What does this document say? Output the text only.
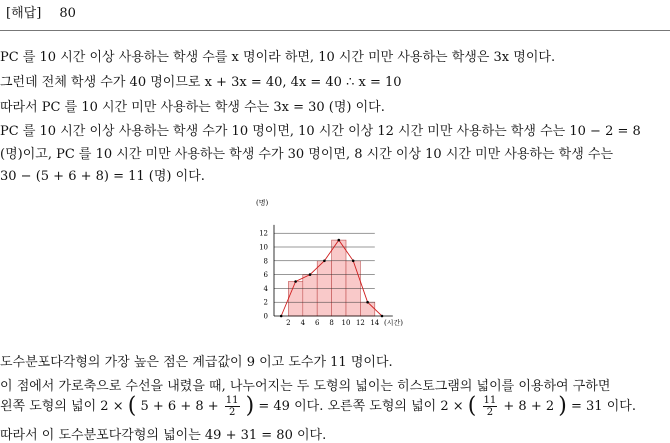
[해답] 80
PC 를 10 시간 이상 사용하는 학생 수를 x 명이라 하면, 10 시간 미만 사용하는 학생은 3x 명이다.
그런데 전체 학생 수가 40 명이므로 x + 3x = 40, 4x = 40 ∴ x = 10
따라서 PC 를 10 시간 미만 사용하는 학생 수는 3x = 30 (명) 이다.
PC 를 10 시간 이상 사용하는 학생 수가 10 명이면, 10 시간 이상 12 시간 미만 사용하는 학생 수는 10 − 2 = 8
(명)이고, PC 를 10 시간 미만 사용하는 학생 수가 30 명이면, 8 시간 이상 10 시간 미만 사용하는 학생 수는
30 − (5 + 6 + 8) = 11 (명) 이다.
2 4 6 8 10 12 14
2
4
6
8
10
12
0
(명)
(시간)
도수분포다각형의 가장 높은 점은 계급값이 9 이고 도수가 11 명이다.
이 점에서 가로축으로 수선을 내렸을 때, 나누어지는 두 도형의 넓이는 히스토그램의 넓이를 이용하여 구하면
왼쪽 도형의 넓이 2 × ( $5 + 6 + 8 + \frac{11}{2}$ ) = 49 이다. 오른쪽 도형의 넓이 2 × ( $\frac{11}{2} + 8 + 2$ ) = 31 이다.
따라서 이 도수분포다각형의 넓이는 49 + 31 = 80 이다.
